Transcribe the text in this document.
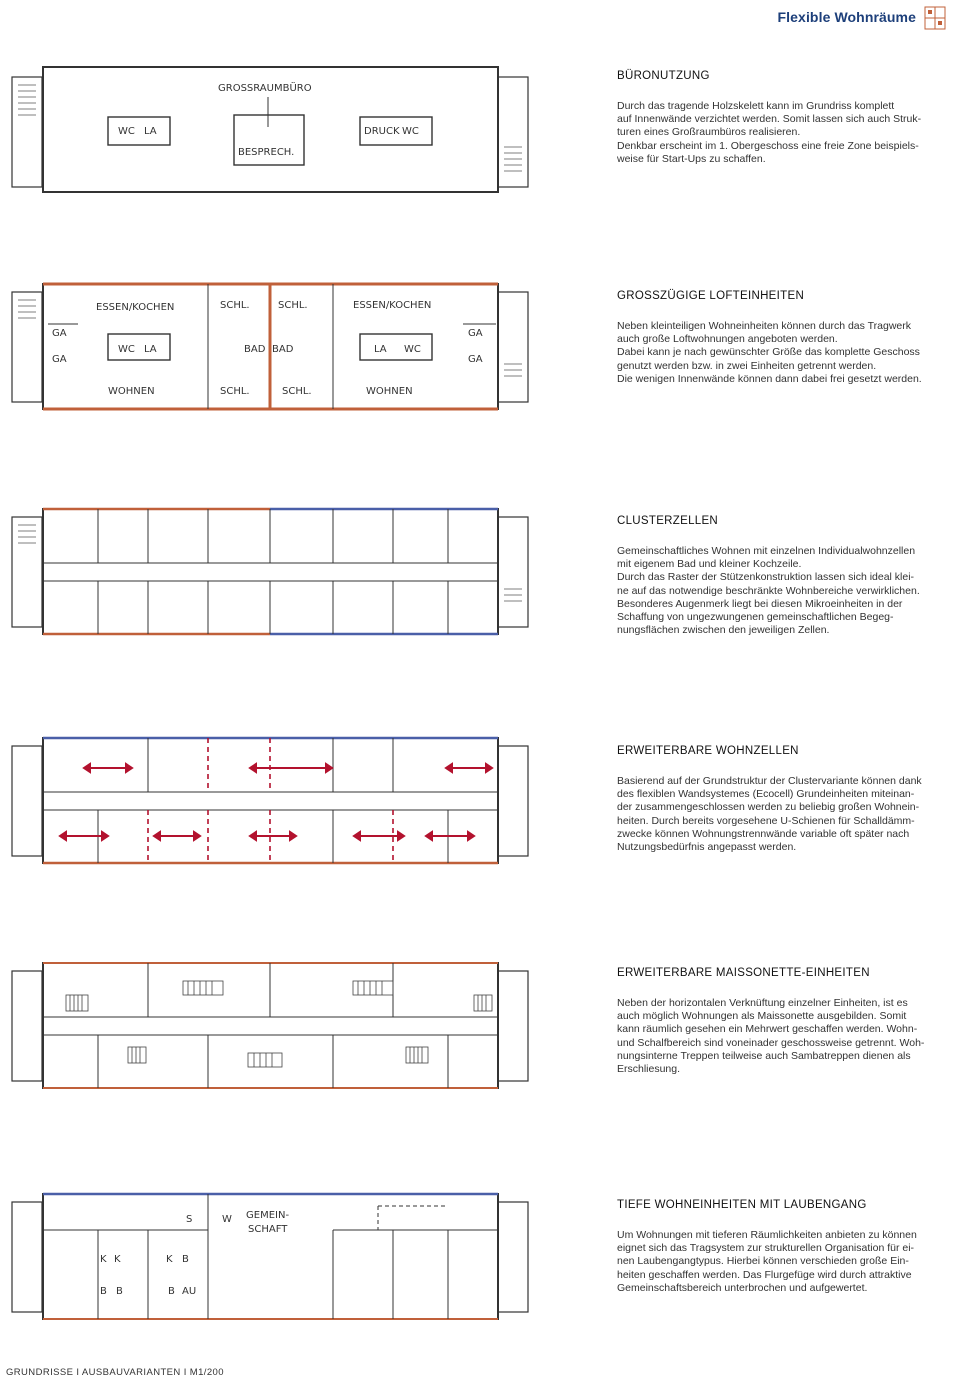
Flexible Wohnräume
GROSSRAUMBÜRO
WC LA	DRUCK WC
BESPRECH.
BÜRONUTZUNG

Durch das tragende Holzskelett kann im Grundriss komplett
auf Innenwände verzichtet werden. Somit lassen sich auch Struk-
turen eines Großraumbüros realisieren.
Denkbar erscheint im 1. Obergeschoss eine freie Zone beispiels-
weise für Start-Ups zu schaffen.

ESSEN/KOCHEN	SCHL.	SCHL.	ESSEN/KOCHEN
GA
GA
WC LA	BAD BAD	LA WC
GA
GA
WOHNEN	SCHL.	SCHL.	WOHNEN
GROSSZÜGIGE LOFTEINHEITEN

Neben kleinteiligen Wohneinheiten können durch das Tragwerk
auch große Loftwohnungen angeboten werden.
Dabei kann je nach gewünschter Größe das komplette Geschoss
genutzt werden bzw. in zwei Einheiten getrennt werden.
Die wenigen Innenwände können dann dabei frei gesetzt werden.

CLUSTERZELLEN

Gemeinschaftliches Wohnen mit einzelnen Individualwohnzellen
mit eigenem Bad und kleiner Kochzeile.
Durch das Raster der Stützenkonstruktion lassen sich ideal klei-
ne auf das notwendige beschränkte Wohnbereiche verwirklichen.
Besonderes Augenmerk liegt bei diesen Mikroeinheiten in der
Schaffung von ungezwungenen gemeinschaftlichen Begeg-
nungsflächen zwischen den jeweiligen Zellen.

ERWEITERBARE WOHNZELLEN

Basierend auf der Grundstruktur der Clustervariante können dank
des flexiblen Wandsystemes (Ecocell) Grundeinheiten miteinan-
der zusammengeschlossen werden zu beliebig großen Wohnein-
heiten. Durch bereits vorgesehene U-Schienen für Schalldämm-
zwecke können Wohnungstrennwände variable oft später nach
Nutzungsbedürfnis angepasst werden.

ERWEITERBARE MAISSONETTE-EINHEITEN

Neben der horizontalen Verknüftung einzelner Einheiten, ist es
auch möglich Wohnungen als Maissonette ausgebilden. Somit
kann räumlich gesehen ein Mehrwert geschaffen werden. Wohn-
und Schalfbereich sind voneinader geschossweise getrennt. Woh-
nungsinterne Treppen teilweise auch Sambatreppen dienen als
Erschliesung.

S	W GEMEIN-
SCHAFT
K K	K B
B B	B AU
TIEFE WOHNEINHEITEN MIT LAUBENGANG

Um Wohnungen mit tieferen Räumlichkeiten anbieten zu können
eignet sich das Tragsystem zur strukturellen Organisation für ei-
nen Laubengangtypus. Hierbei können verschieden große Ein-
heiten geschaffen werden. Das Flurgefüge wird durch attraktive
Gemeinschaftsbereich unterbrochen und aufgewertet.

GRUNDRISSE I AUSBAUVARIANTEN I M1/200
